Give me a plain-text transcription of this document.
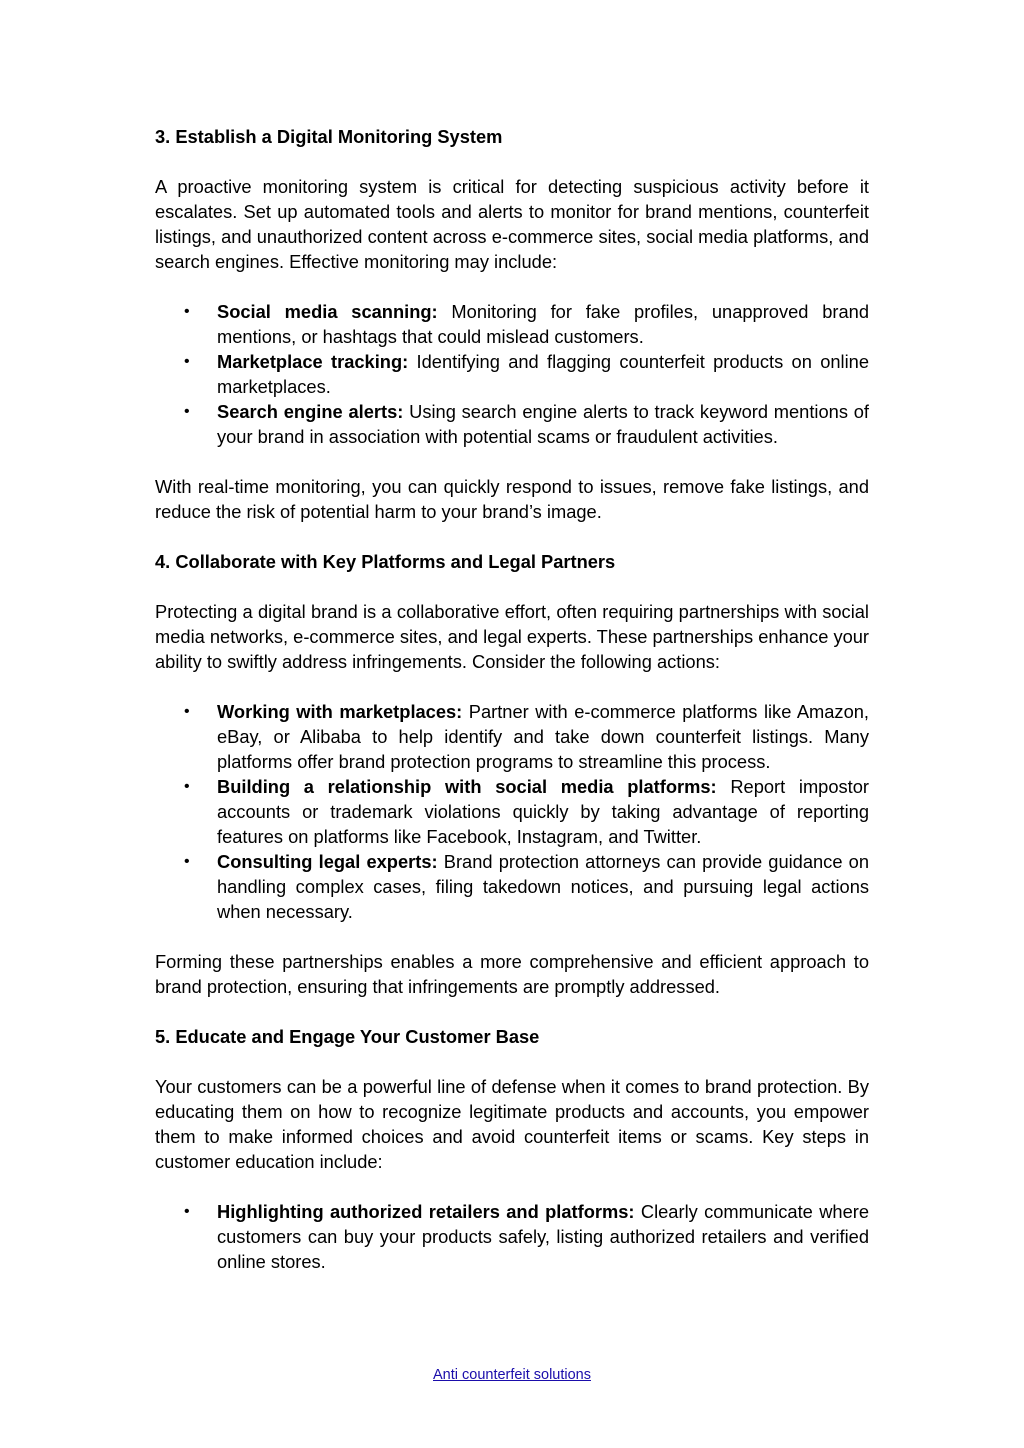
3. Establish a Digital Monitoring System

A proactive monitoring system is critical for detecting suspicious activity before it escalates. Set up automated tools and alerts to monitor for brand mentions, counterfeit listings, and unauthorized content across e-commerce sites, social media platforms, and search engines. Effective monitoring may include:

• Social media scanning: Monitoring for fake profiles, unapproved brand mentions, or hashtags that could mislead customers.
• Marketplace tracking: Identifying and flagging counterfeit products on online marketplaces.
• Search engine alerts: Using search engine alerts to track keyword mentions of your brand in association with potential scams or fraudulent activities.

With real-time monitoring, you can quickly respond to issues, remove fake listings, and reduce the risk of potential harm to your brand’s image.

4. Collaborate with Key Platforms and Legal Partners

Protecting a digital brand is a collaborative effort, often requiring partnerships with social media networks, e-commerce sites, and legal experts. These partnerships enhance your ability to swiftly address infringements. Consider the following actions:

• Working with marketplaces: Partner with e-commerce platforms like Amazon, eBay, or Alibaba to help identify and take down counterfeit listings. Many platforms offer brand protection programs to streamline this process.
• Building a relationship with social media platforms: Report impostor accounts or trademark violations quickly by taking advantage of reporting features on platforms like Facebook, Instagram, and Twitter.
• Consulting legal experts: Brand protection attorneys can provide guidance on handling complex cases, filing takedown notices, and pursuing legal actions when necessary.

Forming these partnerships enables a more comprehensive and efficient approach to brand protection, ensuring that infringements are promptly addressed.

5. Educate and Engage Your Customer Base

Your customers can be a powerful line of defense when it comes to brand protection. By educating them on how to recognize legitimate products and accounts, you empower them to make informed choices and avoid counterfeit items or scams. Key steps in customer education include:

• Highlighting authorized retailers and platforms: Clearly communicate where customers can buy your products safely, listing authorized retailers and verified online stores.
Anti counterfeit solutions
